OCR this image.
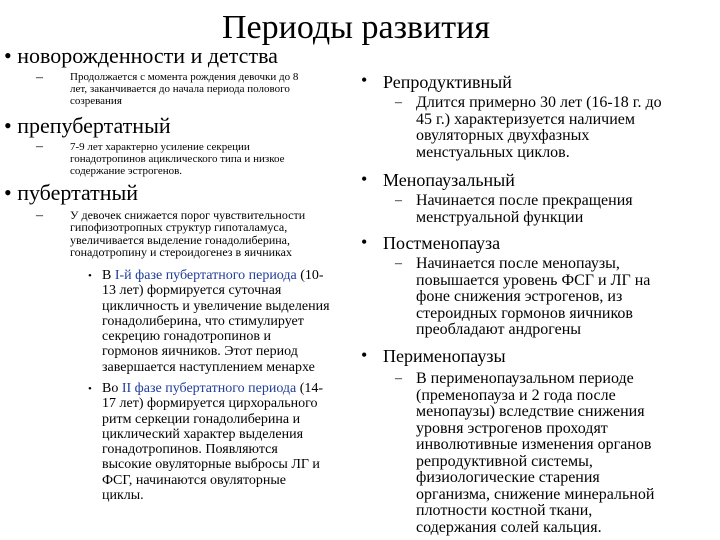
Периоды развития
• новорожденности и детства
– Продолжается с момента рождения девочки до 8
лет, заканчивается до начала периода полового
созревания
• препубертатный
– 7-9 лет характерно усиление секреции
гонадотропинов ациклического типа и низкое
содержание эстрогенов.
• пубертатный
– У девочек снижается порог чувствительности
гипофизотропных структур гипоталамуса,
увеличивается выделение гонадолиберина,
гонадотропину и стероидогенез в яичниках
• В I-й фазе пубертатного периода (10-
13 лет) формируется суточная
цикличность и увеличение выделения
гонадолиберина, что стимулирует
секрецию гонадотропинов и
гормонов яичников. Этот период
завершается наступлением менархе
• Во II фазе пубертатного периода (14-
17 лет) формируется цирхорального
ритм серкеции гонадолиберина и
циклический характер выделения
гонадотропинов. Появляются
высокие овуляторные выбросы ЛГ и
ФСГ, начинаются овуляторные
циклы.
•
•
•
•
Репродуктивный
– Длится примерно 30 лет (16-18 г. до
45 г.) характеризуется наличием
овуляторных двухфазных
менстуальных циклов.
Менопаузальный
– Начинается после прекращения
менструальной функции
Постменопауза
– Начинается после менопаузы,
повышается уровень ФСГ и ЛГ на
фоне снижения эстрогенов, из
стероидных гормонов яичников
преобладают андрогены
Перименопаузы
– В перименопаузальном периоде
(пременопауза и 2 года после
менопаузы) вследствие снижения
уровня эстрогенов проходят
инволютивные изменения органов
репродуктивной системы,
физиологические старения
организма, снижение минеральной
плотности костной ткани,
содержания солей кальция.
